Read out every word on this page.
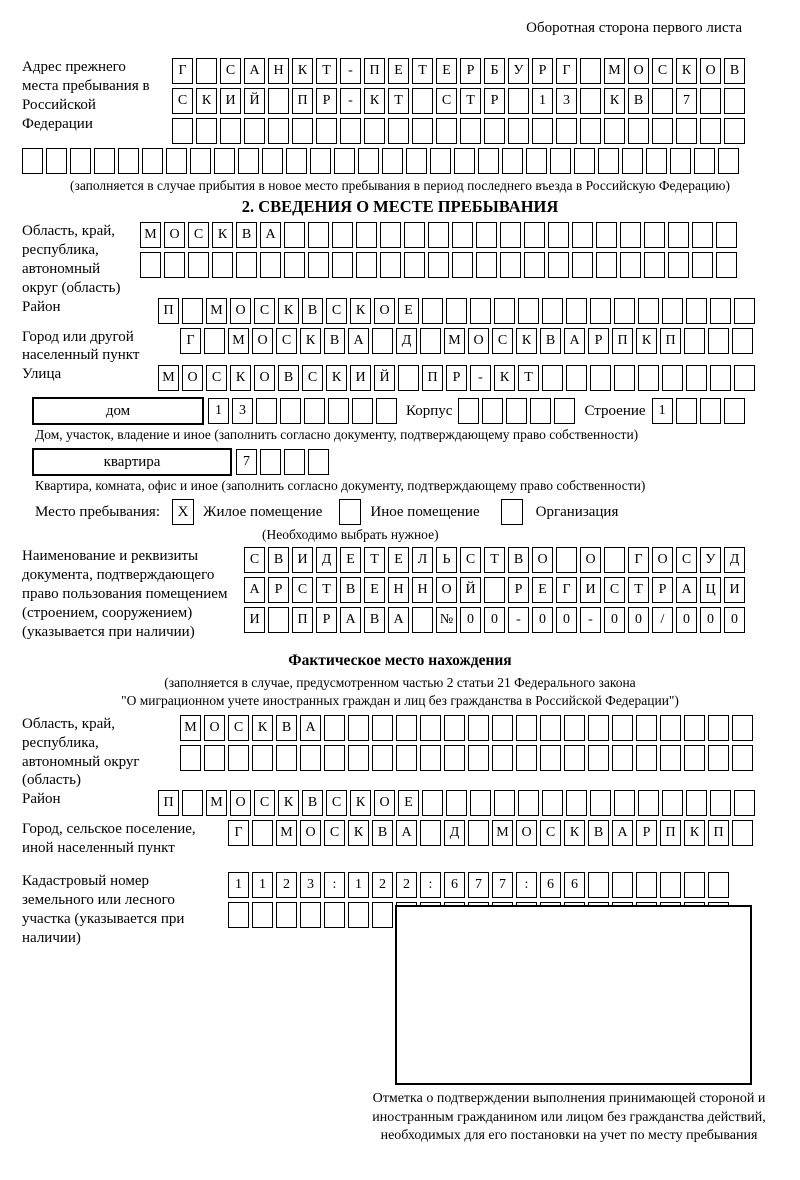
Оборотная сторона первого листа
Адрес прежнего места пребывания в Российской Федерации
Г	С	А Н	К	Т	-	П	Е	Т	Е	Р	Б	У	Р	Г	М О	С	К	О	В
С	К	И Й	П	Р	-	К	Т	С	Т	Р	1	3	К	В	7
(заполняется в случае прибытия в новое место пребывания в период последнего въезда в Российскую Федерацию)
2. СВЕДЕНИЯ О МЕСТЕ ПРЕБЫВАНИЯ
Область, край, республика, автономный округ (область)
М О	С	К	В	А
Район	П	М О	С	К	В	С	К	О	Е
Город или другой населенный пункт
Г	М О	С	К	В	А	Д	М О	С	К	В	А	Р	П	К	П
Улица	М О	С	К	О	В	С	К	И Й	П	Р	-	К	Т
дом	1	3	Корпус	Строение 1
Дом, участок, владение и иное (заполнить согласно документу, подтверждающему право собственности)
квартира	7
Квартира, комната, офис и иное (заполнить согласно документу, подтверждающему право собственности)
Место пребывания:	X Жилое помещение	Иное помещение	Организация
(Необходимо выбрать нужное)
Наименование и реквизиты документа, подтверждающего право пользования помещением (строением, сооружением) (указывается при наличии)
С	В	И	Д	Е	Т	Е	Л	Ь	С	Т	В	О	О	Г	О	С	У	Д
А	Р	С	Т	В	Е	Н Н О Й	Р	Е	Г	И	С	Т	Р	А Ц И
И	П	Р	А	В	А	№ 0	0	-	0	0	-	0	0	/	0	0	0
Фактическое место нахождения
(заполняется в случае, предусмотренном частью 2 статьи 21 Федерального закона
"О миграционном учете иностранных граждан и лиц без гражданства в Российской Федерации")
Область, край, республика, автономный округ (область)
М О	С	К	В	А
Район	П	М О	С	К	В	С	К	О	Е
Город, сельское поселение, иной населенный пункт
Г	М О	С	К	В	А	Д	М О	С	К	В	А	Р	П	К	П
Кадастровый номер земельного или лесного участка (указывается при наличии)
1	1	2	3	:	1	2	2	:	6	7	7	:	6	6
Отметка о подтверждении выполнения принимающей стороной и иностранным гражданином или лицом без гражданства действий, необходимых для его постановки на учет по месту пребывания
